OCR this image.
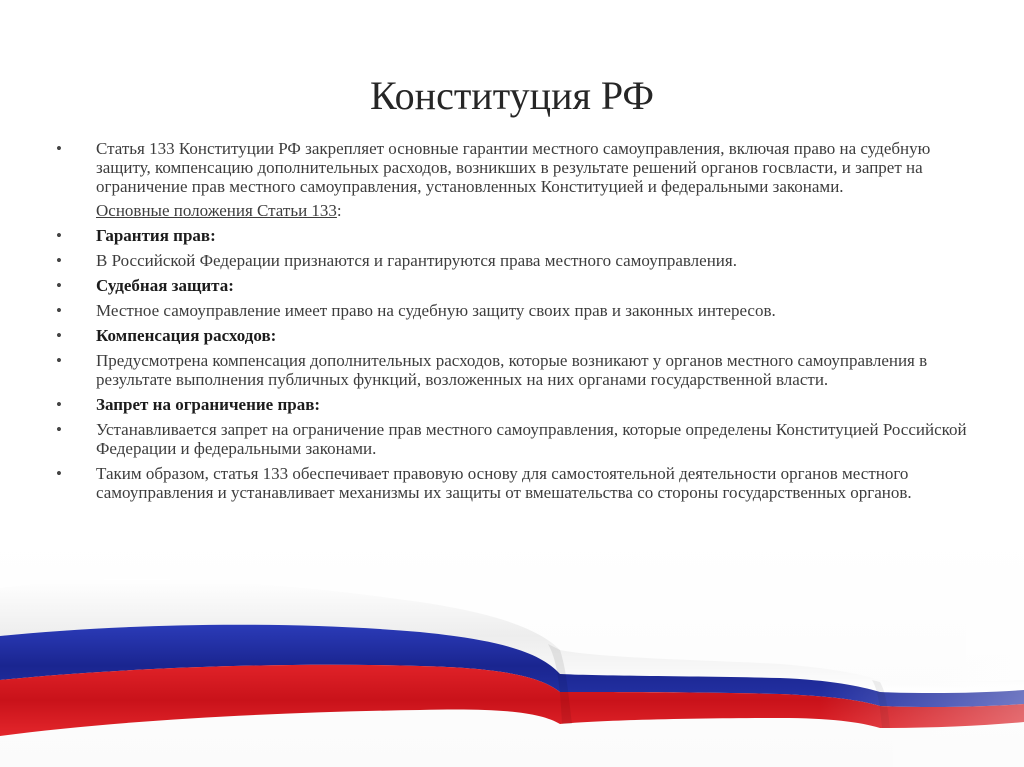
Конституция РФ
•	Статья 133 Конституции РФ закрепляет основные гарантии местного самоуправления, включая право на судебную защиту, компенсацию дополнительных расходов, возникших в результате решений органов госвласти, и запрет на ограничение прав местного самоуправления, установленных Конституцией и федеральными законами.
Основные положения Статьи 133:
•	Гарантия прав:
•	В Российской Федерации признаются и гарантируются права местного самоуправления.
•	Судебная защита:
•	Местное самоуправление имеет право на судебную защиту своих прав и законных интересов.
•	Компенсация расходов:
•	Предусмотрена компенсация дополнительных расходов, которые возникают у органов местного самоуправления в результате выполнения публичных функций, возложенных на них органами государственной власти.
•	Запрет на ограничение прав:
•	Устанавливается запрет на ограничение прав местного самоуправления, которые определены Конституцией Российской Федерации и федеральными законами.
•	Таким образом, статья 133 обеспечивает правовую основу для самостоятельной деятельности органов местного самоуправления и устанавливает механизмы их защиты от вмешательства со стороны государственных органов.
